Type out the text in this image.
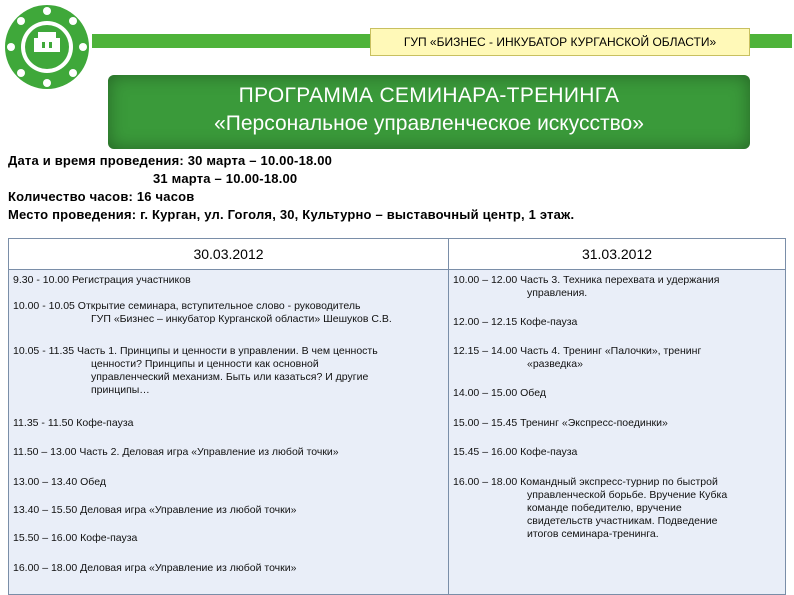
ГУП «БИЗНЕС - ИНКУБАТОР КУРГАНСКОЙ ОБЛАСТИ»
ПРОГРАММА СЕМИНАРА-ТРЕНИНГА
«Персональное управленческое искусство»
Дата и время проведения: 30 марта – 10.00-18.00
31 марта – 10.00-18.00
Количество часов: 16 часов
Место проведения: г. Курган, ул. Гоголя, 30, Культурно – выставочный центр, 1 этаж.
30.03.2012
9.30 - 10.00 Регистрация участников
10.00 - 10.05 Открытие семинара, вступительное слово - руководитель
ГУП «Бизнес – инкубатор Курганской области» Шешуков С.В.
10.05 - 11.35 Часть 1. Принципы и ценности в управлении. В чем ценность
ценности? Принципы и ценности как основной
управленческий механизм. Быть или казаться? И другие
принципы…
11.35 - 11.50 Кофе-пауза
11.50 – 13.00 Часть 2. Деловая игра «Управление из любой точки»
13.00 – 13.40 Обед
13.40 – 15.50 Деловая игра «Управление из любой точки»
15.50 – 16.00 Кофе-пауза
16.00 – 18.00 Деловая игра «Управление из любой точки»
31.03.2012
10.00 – 12.00 Часть 3. Техника перехвата и удержания
управления.
12.00 – 12.15 Кофе-пауза
12.15 – 14.00 Часть 4. Тренинг «Палочки», тренинг
«разведка»
14.00 – 15.00 Обед
15.00 – 15.45 Тренинг «Экспресс-поединки»
15.45 – 16.00 Кофе-пауза
16.00 – 18.00 Командный экспресс-турнир по быстрой
управленческой борьбе. Вручение Кубка
команде победителю, вручение
свидетельств участникам. Подведение
итогов семинара-тренинга.
